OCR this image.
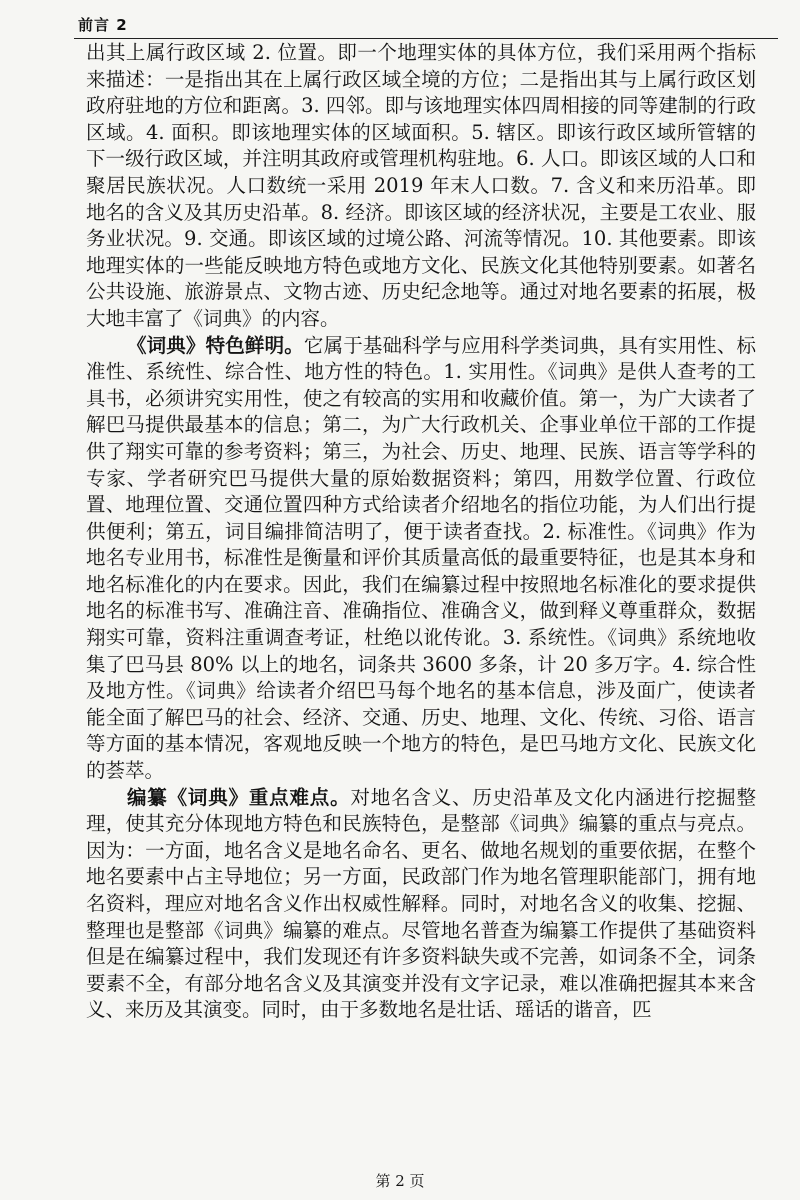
前言 2

出其上属行政区域 2. 位置。即一个地理实体的具体方位，我们采用两个指标来描述：一是指出其在上属行政区域全境的方位；二是指出其与上属行政区划政府驻地的方位和距离。3. 四邻。即与该地理实体四周相接的同等建制的行政区域。4. 面积。即该地理实体的区域面积。5. 辖区。即该行政区域所管辖的下一级行政区域，并注明其政府或管理机构驻地。6. 人口。即该区域的人口和聚居民族状况。人口数统一采用 2019 年末人口数。7. 含义和来历沿革。即地名的含义及其历史沿革。8. 经济。即该区域的经济状况，主要是工农业、服务业状况。9. 交通。即该区域的过境公路、河流等情况。10. 其他要素。即该地理实体的一些能反映地方特色或地方文化、民族文化其他特别要素。如著名公共设施、旅游景点、文物古迹、历史纪念地等。通过对地名要素的拓展，极大地丰富了《词典》的内容。

《词典》特色鲜明。它属于基础科学与应用科学类词典，具有实用性、标准性、系统性、综合性、地方性的特色。1. 实用性。《词典》是供人查考的工具书，必须讲究实用性，使之有较高的实用和收藏价值。第一，为广大读者了解巴马提供最基本的信息；第二，为广大行政机关、企事业单位干部的工作提供了翔实可靠的参考资料；第三，为社会、历史、地理、民族、语言等学科的专家、学者研究巴马提供大量的原始数据资料；第四，用数学位置、行政位置、地理位置、交通位置四种方式给读者介绍地名的指位功能，为人们出行提供便利；第五，词目编排简洁明了，便于读者查找。2. 标准性。《词典》作为地名专业用书，标准性是衡量和评价其质量高低的最重要特征，也是其本身和地名标准化的内在要求。因此，我们在编纂过程中按照地名标准化的要求提供地名的标准书写、准确注音、准确指位、准确含义，做到释义尊重群众，数据翔实可靠，资料注重调查考证，杜绝以讹传讹。3. 系统性。《词典》系统地收集了巴马县 80% 以上的地名，词条共 3600 多条，计 20 多万字。4. 综合性及地方性。《词典》给读者介绍巴马每个地名的基本信息，涉及面广，使读者能全面了解巴马的社会、经济、交通、历史、地理、文化、传统、习俗、语言等方面的基本情况，客观地反映一个地方的特色，是巴马地方文化、民族文化的荟萃。

编纂《词典》重点难点。对地名含义、历史沿革及文化内涵进行挖掘整理，使其充分体现地方特色和民族特色，是整部《词典》编纂的重点与亮点。因为：一方面，地名含义是地名命名、更名、做地名规划的重要依据，在整个地名要素中占主导地位；另一方面，民政部门作为地名管理职能部门，拥有地名资料，理应对地名含义作出权威性解释。同时，对地名含义的收集、挖掘、整理也是整部《词典》编纂的难点。尽管地名普查为编纂工作提供了基础资料但是在编纂过程中，我们发现还有许多资料缺失或不完善，如词条不全，词条要素不全，有部分地名含义及其演变并没有文字记录，难以准确把握其本来含义、来历及其演变。同时，由于多数地名是壮话、瑶话的谐音，匹

第 2 页
